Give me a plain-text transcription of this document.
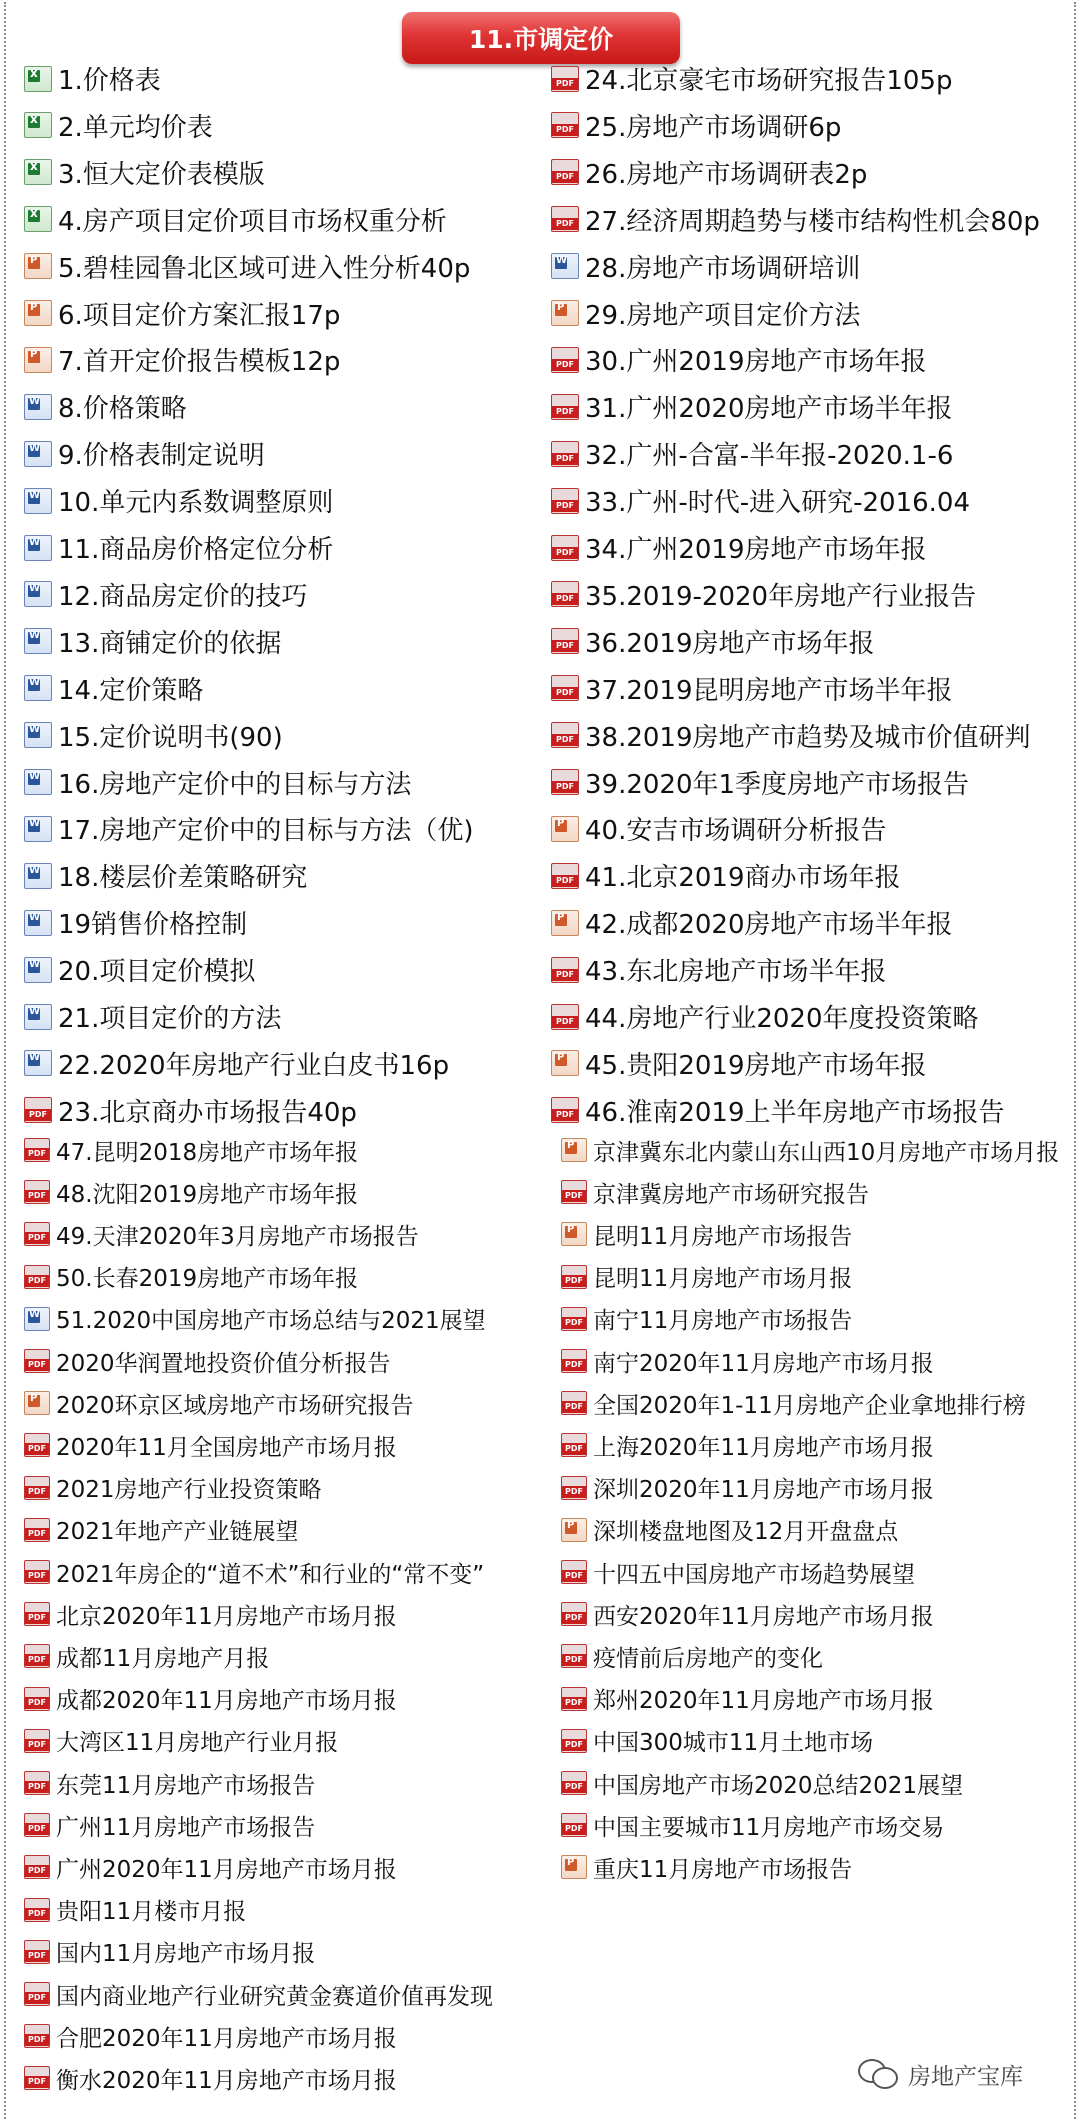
11.市调定价
x
1.价格表
x
2.单元均价表
x
3.恒大定价表模版
x
4.房产项目定价项目市场权重分析
P
5.碧桂园鲁北区域可进入性分析40p
P
6.项目定价方案汇报17p
P
7.首开定价报告模板12p
W
8.价格策略
W
9.价格表制定说明
W
10.单元内系数调整原则
W
11.商品房价格定位分析
W
12.商品房定价的技巧
W
13.商铺定价的依据
W
14.定价策略
W
15.定价说明书(90)
W
16.房地产定价中的目标与方法
W
17.房地产定价中的目标与方法（优)
W
18.楼层价差策略研究
W
19销售价格控制
W
20.项目定价模拟
W
21.项目定价的方法
W
22.2020年房地产行业白皮书16p
PDF
23.北京商办市场报告40p
PDF
24.北京豪宅市场研究报告105p
PDF
25.房地产市场调研6p
PDF
26.房地产市场调研表2p
PDF
27.经济周期趋势与楼市结构性机会80p
W
28.房地产市场调研培训
P
29.房地产项目定价方法
PDF
30.广州2019房地产市场年报
PDF
31.广州2020房地产市场半年报
PDF
32.广州-合富-半年报-2020.1-6
PDF
33.广州-时代-进入研究-2016.04
PDF
34.广州2019房地产市场年报
PDF
35.2019-2020年房地产行业报告
PDF
36.2019房地产市场年报
PDF
37.2019昆明房地产市场半年报
PDF
38.2019房地产市趋势及城市价值研判
PDF
39.2020年1季度房地产市场报告
P
40.安吉市场调研分析报告
PDF
41.北京2019商办市场年报
P
42.成都2020房地产市场半年报
PDF
43.东北房地产市场半年报
PDF
44.房地产行业2020年度投资策略
P
45.贵阳2019房地产市场年报
PDF
46.淮南2019上半年房地产市场报告
PDF
47.昆明2018房地产市场年报
PDF
48.沈阳2019房地产市场年报
PDF
49.天津2020年3月房地产市场报告
PDF
50.长春2019房地产市场年报
W
51.2020中国房地产市场总结与2021展望
PDF
2020华润置地投资价值分析报告
P
2020环京区域房地产市场研究报告
PDF
2020年11月全国房地产市场月报
PDF
2021房地产行业投资策略
PDF
2021年地产产业链展望
PDF
2021年房企的“道不术”和行业的“常不变”
PDF
北京2020年11月房地产市场月报
PDF
成都11月房地产月报
PDF
成都2020年11月房地产市场月报
PDF
大湾区11月房地产行业月报
PDF
东莞11月房地产市场报告
PDF
广州11月房地产市场报告
PDF
广州2020年11月房地产市场月报
PDF
贵阳11月楼市月报
PDF
国内11月房地产市场月报
PDF
国内商业地产行业研究黄金赛道价值再发现
PDF
合肥2020年11月房地产市场月报
PDF
衡水2020年11月房地产市场月报
P
京津冀东北内蒙山东山西10月房地产市场月报
PDF
京津冀房地产市场研究报告
P
昆明11月房地产市场报告
PDF
昆明11月房地产市场月报
PDF
南宁11月房地产市场报告
PDF
南宁2020年11月房地产市场月报
PDF
全国2020年1-11月房地产企业拿地排行榜
PDF
上海2020年11月房地产市场月报
PDF
深圳2020年11月房地产市场月报
P
深圳楼盘地图及12月开盘盘点
PDF
十四五中国房地产市场趋势展望
PDF
西安2020年11月房地产市场月报
PDF
疫情前后房地产的变化
PDF
郑州2020年11月房地产市场月报
PDF
中国300城市11月土地市场
PDF
中国房地产市场2020总结2021展望
PDF
中国主要城市11月房地产市场交易
P
重庆11月房地产市场报告
房地产宝库
